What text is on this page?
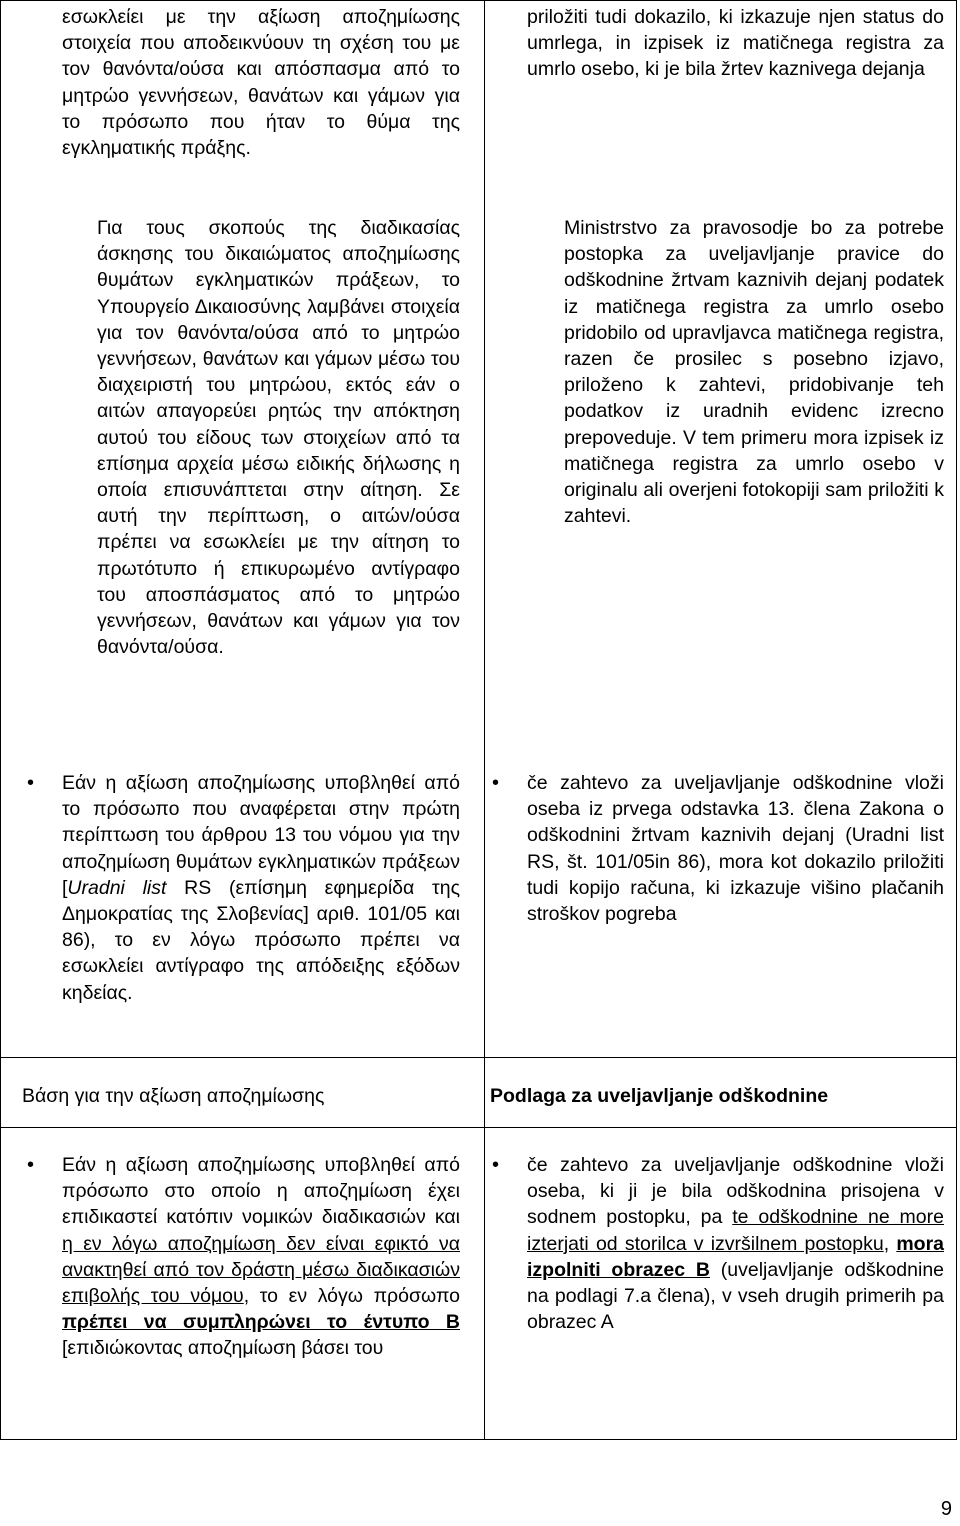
εσωκλείει με την αξίωση αποζημίωσης στοιχεία που αποδεικνύουν τη σχέση του με τον θανόντα/ούσα και απόσπασμα από το μητρώο γεννήσεων, θανάτων και γάμων για το πρόσωπο που ήταν το θύμα της εγκληματικής πράξης.

Για τους σκοπούς της διαδικασίας άσκησης του δικαιώματος αποζημίωσης θυμάτων εγκληματικών πράξεων, το Υπουργείο Δικαιοσύνης λαμβάνει στοιχεία για τον θανόντα/ούσα από το μητρώο γεννήσεων, θανάτων και γάμων μέσω του διαχειριστή του μητρώου, εκτός εάν ο αιτών απαγορεύει ρητώς την απόκτηση αυτού του είδους των στοιχείων από τα επίσημα αρχεία μέσω ειδικής δήλωσης η οποία επισυνάπτεται στην αίτηση. Σε αυτή την περίπτωση, ο αιτών/ούσα πρέπει να εσωκλείει με την αίτηση το πρωτότυπο ή επικυρωμένο αντίγραφο του αποσπάσματος από το μητρώο γεννήσεων, θανάτων και γάμων για τον θανόντα/ούσα.

• Εάν η αξίωση αποζημίωσης υποβληθεί από το πρόσωπο που αναφέρεται στην πρώτη περίπτωση του άρθρου 13 του νόμου για την αποζημίωση θυμάτων εγκληματικών πράξεων [Uradni list RS (επίσημη εφημερίδα της Δημοκρατίας της Σλοβενίας] αριθ. 101/05 και 86), το εν λόγω πρόσωπο πρέπει να εσωκλείει αντίγραφο της απόδειξης εξόδων κηδείας.

priložiti tudi dokazilo, ki izkazuje njen status do umrlega, in izpisek iz matičnega registra za umrlo osebo, ki je bila žrtev kaznivega dejanja

Ministrstvo za pravosodje bo za potrebe postopka za uveljavljanje pravice do odškodnine žrtvam kaznivih dejanj podatek iz matičnega registra za umrlo osebo pridobilo od upravljavca matičnega registra, razen če prosilec s posebno izjavo, priloženo k zahtevi, pridobivanje teh podatkov iz uradnih evidenc izrecno prepoveduje. V tem primeru mora izpisek iz matičnega registra za umrlo osebo v originalu ali overjeni fotokopiji sam priložiti k zahtevi.

• če zahtevo za uveljavljanje odškodnine vloži oseba iz prvega odstavka 13. člena Zakona o odškodnini žrtvam kaznivih dejanj (Uradni list RS, št. 101/05in 86), mora kot dokazilo priložiti tudi kopijo računa, ki izkazuje višino plačanih stroškov pogreba

Βάση για την αξίωση αποζημίωσης	Podlaga za uveljavljanje odškodnine

• Εάν η αξίωση αποζημίωσης υποβληθεί από πρόσωπο στο οποίο η αποζημίωση έχει επιδικαστεί κατόπιν νομικών διαδικασιών και η εν λόγω αποζημίωση δεν είναι εφικτό να ανακτηθεί από τον δράστη μέσω διαδικασιών επιβολής του νόμου, το εν λόγω πρόσωπο πρέπει να συμπληρώνει το έντυπο Β [επιδιώκοντας αποζημίωση βάσει του

• če zahtevo za uveljavljanje odškodnine vloži oseba, ki ji je bila odškodnina prisojena v sodnem postopku, pa te odškodnine ne more izterjati od storilca v izvršilnem postopku, mora izpolniti obrazec B (uveljavljanje odškodnine na podlagi 7.a člena), v vseh drugih primerih pa obrazec A

9
